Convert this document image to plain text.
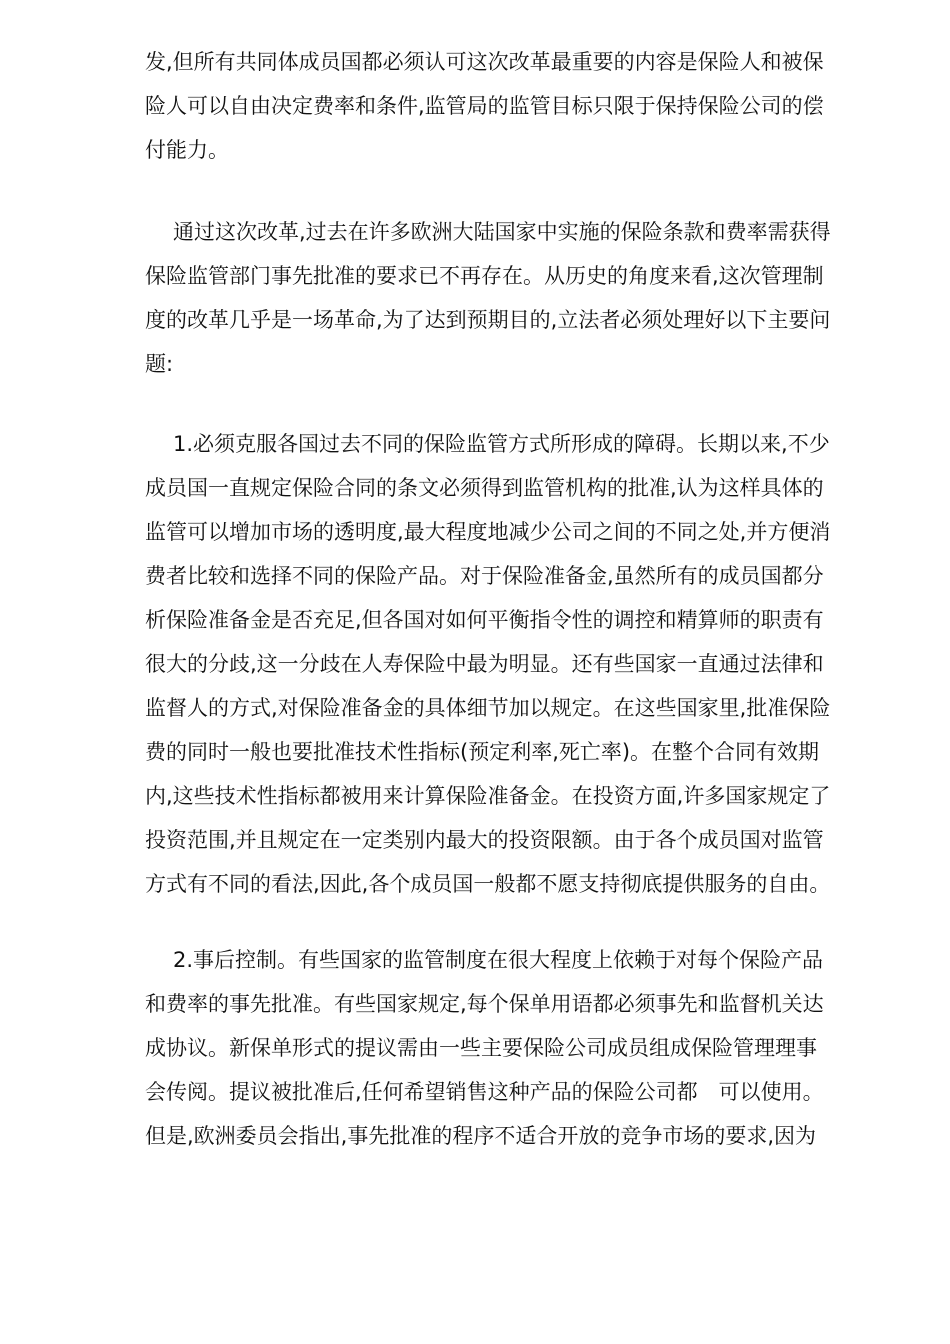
发,但所有共同体成员国都必须认可这次改革最重要的内容是保险人和被保
险人可以自由决定费率和条件,监管局的监管目标只限于保持保险公司的偿
付能力。
通过这次改革,过去在许多欧洲大陆国家中实施的保险条款和费率需获得
保险监管部门事先批准的要求已不再存在。从历史的角度来看,这次管理制
度的改革几乎是一场革命,为了达到预期目的,立法者必须处理好以下主要问
题:
1.必须克服各国过去不同的保险监管方式所形成的障碍。长期以来,不少
成员国一直规定保险合同的条文必须得到监管机构的批准,认为这样具体的
监管可以增加市场的透明度,最大程度地减少公司之间的不同之处,并方便消
费者比较和选择不同的保险产品。对于保险准备金,虽然所有的成员国都分
析保险准备金是否充足,但各国对如何平衡指令性的调控和精算师的职责有
很大的分歧,这一分歧在人寿保险中最为明显。还有些国家一直通过法律和
监督人的方式,对保险准备金的具体细节加以规定。在这些国家里,批准保险
费的同时一般也要批准技术性指标(预定利率,死亡率)。在整个合同有效期
内,这些技术性指标都被用来计算保险准备金。在投资方面,许多国家规定了
投资范围,并且规定在一定类别内最大的投资限额。由于各个成员国对监管
方式有不同的看法,因此,各个成员国一般都不愿支持彻底提供服务的自由。
2.事后控制。有些国家的监管制度在很大程度上依赖于对每个保险产品
和费率的事先批准。有些国家规定,每个保单用语都必须事先和监督机关达
成协议。新保单形式的提议需由一些主要保险公司成员组成保险管理理事
会传阅。提议被批准后,任何希望销售这种产品的保险公司都　可以使用。
但是,欧洲委员会指出,事先批准的程序不适合开放的竞争市场的要求,因为
